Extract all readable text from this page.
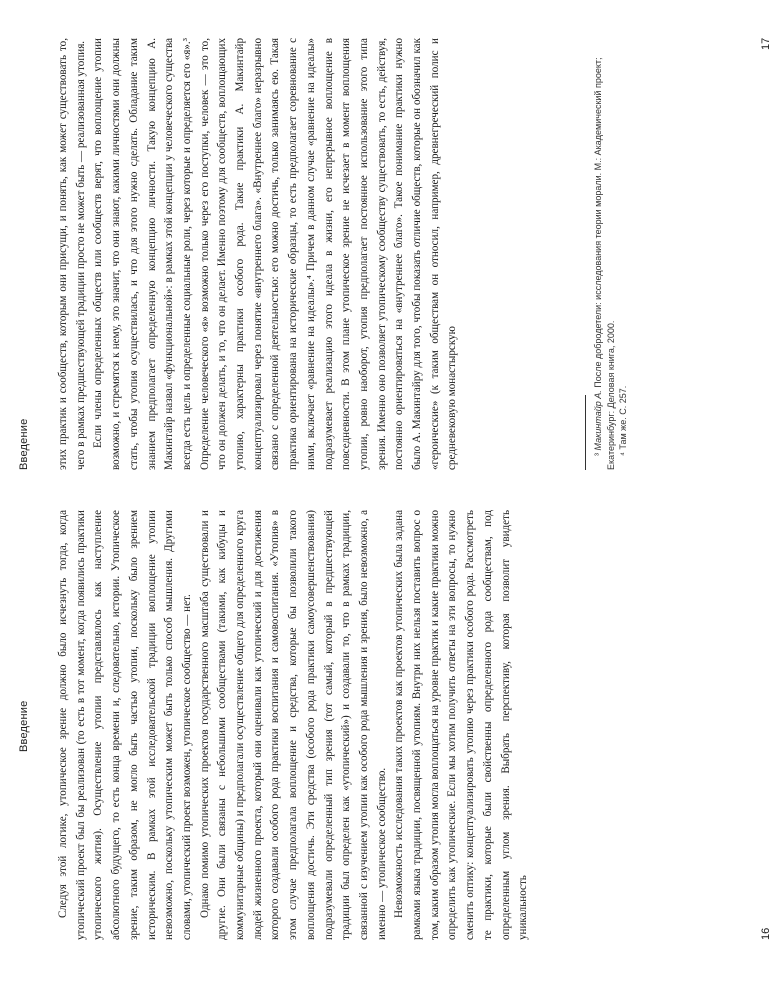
Введение Следуя этой логике, утопическое зрение должно было исчезнуть тогда, когда утопический проект был бы реализован (то есть в тот момент, когда появились практики утопического жития). Осуществление утопии представлялось как наступление абсолютного будущего, то есть конца времени и, следовательно, истории. Утопическое зрение, таким образом, не могло быть частью утопии, поскольку было зрением историческим. В рамках этой исследовательской традиции воплощение утопии невозможно, поскольку утопическим может быть только способ мышления. Другими словами, утопический проект возможен, утопическое сообщество — нет. Однако помимо утопических проектов государственного масштаба существовали и другие. Они были связаны с небольшими сообществами (такими, как кибуцы и коммунитарные общины) и предполагали осуществление общего для определенного круга людей жизненного проекта, который они оценивали как утопический и для достижения которого создавали особого рода практики воспитания и самовоспитания. «Утопия» в этом случае предполагала воплощение и средства, которые бы позволили такого воплощения достичь. Эти средства (особого рода практики самоусовершенствования) подразумевали определенный тип зрения (тот самый, который в предшествующей традиции был определен как «утопический») и создавали то, что в рамках традиции, связанной с изучением утопии как особого рода мышления и зрения, было невозможно, а именно — утопическое сообщество. Невозможность исследования таких проектов как проектов утопических была задана рамками языка традиции, посвященной утопиям. Внутри них нельзя поставить вопрос о том, каким образом утопия могла воплощаться на уровне практик и какие практики можно определить как утопические. Если мы хотим получить ответы на эти вопросы, то нужно сменить оптику: концептуализировать утопию через практики особого рода. Рассмотреть те практики, которые были свойственны определенного рода сообществам, под определенным углом зрения. Выбрать перспективу, которая позволит увидеть уникальность	16
Введение этих практик и сообществ, которым они присущи, и понять, как может существовать то, чего в рамках предшествующей традиции просто не может быть — реализованная утопия. Если члены определенных обществ или сообществ верят, что воплощение утопии возможно, и стремятся к нему, это значит, что они знают, какими личностями они должны стать, чтобы утопия осуществилась, и что для этого нужно сделать. Обладание таким знанием предполагает определенную концепцию личности. Такую концепцию А. Макинтайр назвал «функциональной»: в рамках этой концепции у человеческого существа всегда есть цель и определенные социальные роли, через которые и определяется его «я».³ Определение человеческого «я» возможно только через его поступки, человек — это то, что он должен делать, и то, что он делает. Именно поэтому для сообществ, воплощающих утопию, характерны практики особого рода. Такие практики А. Макинтайр концептуализировал через понятие «внутреннего блага». «Внутреннее благо» неразрывно связано с определенной деятельностью: его можно достичь, только занимаясь ею. Такая практика ориентирована на исторические образцы, то есть предполагает соревнование с ними, включает «равнение на идеалы».⁴ Причем в данном случае «равнение на идеалы» подразумевает реализацию этого идеала в жизни, его непрерывное воплощение в повседневности. В этом плане утопическое зрение не исчезает в момент воплощения утопии, ровно наоборот, утопия предполагает постоянное использование этого типа зрения. Именно оно позволяет утопическому сообществу существовать, то есть, действуя, постоянно ориентироваться на «внутреннее благо». Такое понимание практики нужно было А. Макинтайру для того, чтобы показать отличие обществ, которые он обозначил как «героические» (к таким обществам он относил, например, древнегреческий полис и средневековую монастырскую	³ Макинтайр А. После добродетели: исследования теории морали. М.: Академический проект; Екатеринбург: Деловая книга, 2000. ⁴ Там же. С. 257.

17
